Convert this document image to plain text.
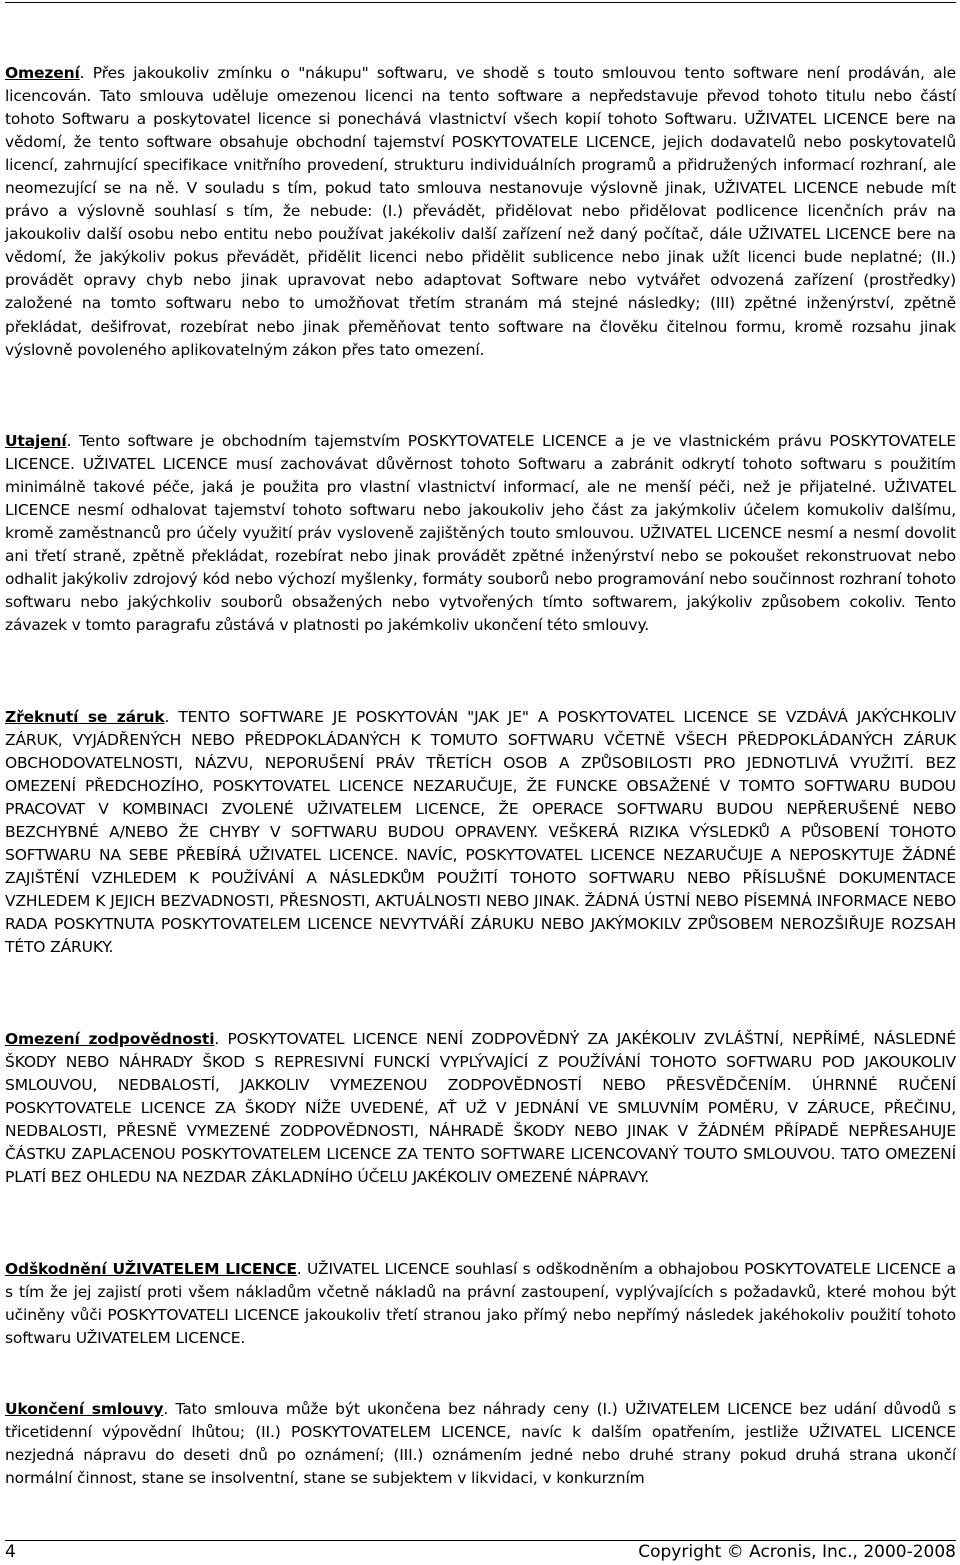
Omezení. Přes jakoukoliv zmínku o "nákupu" softwaru, ve shodě s touto smlouvou tento software není prodáván, ale licencován. Tato smlouva uděluje omezenou licenci na tento software a nepředstavuje převod tohoto titulu nebo částí tohoto Softwaru a poskytovatel licence si ponechává vlastnictví všech kopií tohoto Softwaru. UŽIVATEL LICENCE bere na vědomí, že tento software obsahuje obchodní tajemství POSKYTOVATELE LICENCE, jejich dodavatelů nebo poskytovatelů licencí, zahrnující specifikace vnitřního provedení, strukturu individuálních programů a přidružených informací rozhraní, ale neomezující se na ně. V souladu s tím, pokud tato smlouva nestanovuje výslovně jinak, UŽIVATEL LICENCE nebude mít právo a výslovně souhlasí s tím, že nebude: (I.) převádět, přidělovat nebo přidělovat podlicence licenčních práv na jakoukoliv další osobu nebo entitu nebo používat jakékoliv další zařízení než daný počítač, dále UŽIVATEL LICENCE bere na vědomí, že jakýkoliv pokus převádět, přidělit licenci nebo přidělit sublicence nebo jinak užít licenci bude neplatné; (II.) provádět opravy chyb nebo jinak upravovat nebo adaptovat Software nebo vytvářet odvozená zařízení (prostředky) založené na tomto softwaru nebo to umožňovat třetím stranám má stejné následky; (III) zpětné inženýrství, zpětně překládat, dešifrovat, rozebírat nebo jinak přeměňovat tento software na člověku čitelnou formu, kromě rozsahu jinak výslovně povoleného aplikovatelným zákon přes tato omezení.

Utajení. Tento software je obchodním tajemstvím POSKYTOVATELE LICENCE a je ve vlastnickém právu POSKYTOVATELE LICENCE. UŽIVATEL LICENCE musí zachovávat důvěrnost tohoto Softwaru a zabránit odkrytí tohoto softwaru s použitím minimálně takové péče, jaká je použita pro vlastní vlastnictví informací, ale ne menší péči, než je přijatelné. UŽIVATEL LICENCE nesmí odhalovat tajemství tohoto softwaru nebo jakoukoliv jeho část za jakýmkoliv účelem komukoliv dalšímu, kromě zaměstnanců pro účely využití práv vysloveně zajištěných touto smlouvou. UŽIVATEL LICENCE nesmí a nesmí dovolit ani třetí straně, zpětně překládat, rozebírat nebo jinak provádět zpětné inženýrství nebo se pokoušet rekonstruovat nebo odhalit jakýkoliv zdrojový kód nebo výchozí myšlenky, formáty souborů nebo programování nebo součinnost rozhraní tohoto softwaru nebo jakýchkoliv souborů obsažených nebo vytvořených tímto softwarem, jakýkoliv způsobem cokoliv. Tento závazek v tomto paragrafu zůstává v platnosti po jakémkoliv ukončení této smlouvy.

Zřeknutí se záruk. TENTO SOFTWARE JE POSKYTOVÁN "JAK JE" A POSKYTOVATEL LICENCE SE VZDÁVÁ JAKÝCHKOLIV ZÁRUK, VYJÁDŘENÝCH NEBO PŘEDPOKLÁDANÝCH K TOMUTO SOFTWARU VČETNĚ VŠECH PŘEDPOKLÁDANÝCH ZÁRUK OBCHODOVATELNOSTI, NÁZVU, NEPORUŠENÍ PRÁV TŘETÍCH OSOB A ZPŮSOBILOSTI PRO JEDNOTLIVÁ VYUŽITÍ. BEZ OMEZENÍ PŘEDCHOZÍHO, POSKYTOVATEL LICENCE NEZARUČUJE, ŽE FUNCKE OBSAŽENÉ V TOMTO SOFTWARU BUDOU PRACOVAT V KOMBINACI ZVOLENÉ UŽIVATELEM LICENCE, ŽE OPERACE SOFTWARU BUDOU NEPŘERUŠENÉ NEBO BEZCHYBNÉ A/NEBO ŽE CHYBY V SOFTWARU BUDOU OPRAVENY. VEŠKERÁ RIZIKA VÝSLEDKŮ A PŮSOBENÍ TOHOTO SOFTWARU NA SEBE PŘEBÍRÁ UŽIVATEL LICENCE. NAVÍC, POSKYTOVATEL LICENCE NEZARUČUJE A NEPOSKYTUJE ŽÁDNÉ ZAJIŠTĚNÍ VZHLEDEM K POUŽÍVÁNÍ A NÁSLEDKŮM POUŽITÍ TOHOTO SOFTWARU NEBO PŘÍSLUŠNÉ DOKUMENTACE VZHLEDEM K JEJICH BEZVADNOSTI, PŘESNOSTI, AKTUÁLNOSTI NEBO JINAK. ŽÁDNÁ ÚSTNÍ NEBO PÍSEMNÁ INFORMACE NEBO RADA POSKYTNUTA POSKYTOVATELEM LICENCE NEVYTVÁŘÍ ZÁRUKU NEBO JAKÝMOKILV ZPŮSOBEM NEROZŠIŘUJE ROZSAH TÉTO ZÁRUKY.

Omezení zodpovědnosti. POSKYTOVATEL LICENCE NENÍ ZODPOVĚDNÝ ZA JAKÉKOLIV ZVLÁŠTNÍ, NEPŘÍMÉ, NÁSLEDNÉ ŠKODY NEBO NÁHRADY ŠKOD S REPRESIVNÍ FUNCKÍ VYPLÝVAJÍCÍ Z POUŽÍVÁNÍ TOHOTO SOFTWARU POD JAKOUKOLIV SMLOUVOU, NEDBALOSTÍ, JAKKOLIV VYMEZENOU ZODPOVĚDNOSTÍ NEBO PŘESVĚDČENÍM. ÚHRNNÉ RUČENÍ POSKYTOVATELE LICENCE ZA ŠKODY NÍŽE UVEDENÉ, AŤ UŽ V JEDNÁNÍ VE SMLUVNÍM POMĚRU, V ZÁRUCE, PŘEČINU, NEDBALOSTI, PŘESNĚ VYMEZENÉ ZODPOVĚDNOSTI, NÁHRADĚ ŠKODY NEBO JINAK V ŽÁDNÉM PŘÍPADĚ NEPŘESAHUJE ČÁSTKU ZAPLACENOU POSKYTOVATELEM LICENCE ZA TENTO SOFTWARE LICENCOVANÝ TOUTO SMLOUVOU. TATO OMEZENÍ PLATÍ BEZ OHLEDU NA NEZDAR ZÁKLADNÍHO ÚČELU JAKÉKOLIV OMEZENÉ NÁPRAVY.

Odškodnění UŽIVATELEM LICENCE. UŽIVATEL LICENCE souhlasí s odškodněním a obhajobou POSKYTOVATELE LICENCE a s tím že jej zajistí proti všem nákladům včetně nákladů na právní zastoupení, vyplývajících s požadavků, které mohou být učiněny vůči POSKYTOVATELI LICENCE jakoukoliv třetí stranou jako přímý nebo nepřímý následek jakéhokoliv použití tohoto softwaru UŽIVATELEM LICENCE.

Ukončení smlouvy. Tato smlouva může být ukončena bez náhrady ceny (I.) UŽIVATELEM LICENCE bez udání důvodů s třicetidenní výpovědní lhůtou; (II.) POSKYTOVATELEM LICENCE, navíc k dalším opatřením, jestliže UŽIVATEL LICENCE nezjedná nápravu do deseti dnů po oznámení; (III.) oznámením jedné nebo druhé strany pokud druhá strana ukončí normální činnost, stane se insolventní, stane se subjektem v likvidaci, v konkurzním

4	Copyright © Acronis, Inc., 2000-2008
